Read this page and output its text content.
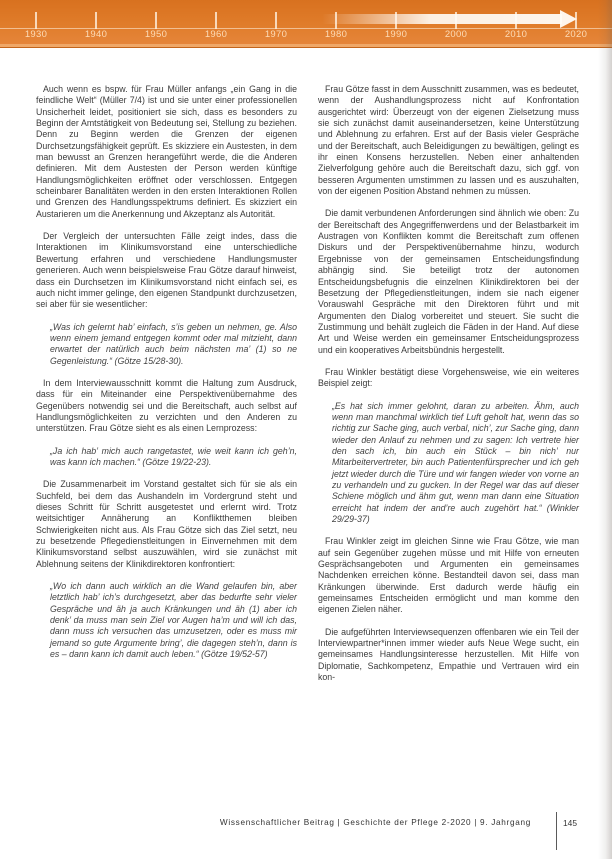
1930	1940	1950	1960	1970	1980	1990	2000	2010	2020

Auch wenn es bspw. für Frau Müller anfangs „ein Gang in die feindliche Welt“ (Müller 7/4) ist und sie unter einer professionellen Unsicherheit leidet, positioniert sie sich, dass es besonders zu Beginn der Amtstätigkeit von Bedeutung sei, Stellung zu beziehen. Denn zu Beginn werden die Grenzen der eigenen Durchsetzungsfähigkeit geprüft. Es skizziere ein Austesten, in dem man bewusst an Grenzen herangeführt werde, die die Anderen definieren. Mit dem Austesten der Person werden künftige Handlungsmöglichkeiten eröffnet oder verschlossen. Entgegen scheinbarer Banalitäten werden in den ersten Interaktionen Rollen und Grenzen des Handlungsspektrums definiert. Es skizziert ein Austarieren um die Anerkennung und Akzeptanz als Autorität.

Der Vergleich der untersuchten Fälle zeigt indes, dass die Interaktionen im Klinikumsvorstand eine unterschiedliche Bewertung erfahren und verschiedene Handlungsmuster generieren. Auch wenn beispielsweise Frau Götze darauf hinweist, dass ein Durchsetzen im Klinikumsvorstand nicht einfach sei, es auch nicht immer gelinge, den eigenen Standpunkt durchzusetzen, sei aber für sie wesentlicher:

„Was ich gelernt hab’ einfach, s’is geben un nehmen, ge. Also wenn einem jemand entgegen kommt oder mal mitzieht, dann erwartet der natürlich auch beim nächsten ma’ (1) so ne Gegenleistung.“ (Götze 15/28-30).

In dem Interviewausschnitt kommt die Haltung zum Ausdruck, dass für ein Miteinander eine Perspektivenübernahme des Gegenübers notwendig sei und die Bereitschaft, auch selbst auf Handlungsmöglichkeiten zu verzichten und den Anderen zu unterstützen. Frau Götze sieht es als einen Lernprozess:

„Ja ich hab’ mich auch rangetastet, wie weit kann ich geh’n, was kann ich machen.“ (Götze 19/22-23).

Die Zusammenarbeit im Vorstand gestaltet sich für sie als ein Suchfeld, bei dem das Aushandeln im Vordergrund steht und dieses Schritt für Schritt ausgetestet und erlernt wird. Trotz weitsichtiger Annäherung an Konfliktthemen bleiben Schwierigkeiten nicht aus. Als Frau Götze sich das Ziel setzt, neu zu besetzende Pflegedienstleitungen in Einvernehmen mit dem Klinikumsvorstand selbst auszuwählen, wird sie zunächst mit Ablehnung seitens der Klinikdirektoren konfrontiert:

„Wo ich dann auch wirklich an die Wand gelaufen bin, aber letztlich hab’ ich’s durchgesetzt, aber das bedurfte sehr vieler Gespräche und äh ja auch Kränkungen und äh (1) aber ich denk’ da muss man sein Ziel vor Augen ha’m und will ich das, dann muss ich versuchen das umzusetzen, oder es muss mir jemand so gute Argumente bring’, die dagegen steh’n, dann is es – dann kann ich damit auch leben.“ (Götze 19/52-57)

Frau Götze fasst in dem Ausschnitt zusammen, was es bedeutet, wenn der Aushandlungsprozess nicht auf Konfrontation ausgerichtet wird: Überzeugt von der eigenen Zielsetzung muss sie sich zunächst damit auseinandersetzen, keine Unterstützung und Ablehnung zu erfahren. Erst auf der Basis vieler Gespräche und der Bereitschaft, auch Beleidigungen zu bewältigen, gelingt es ihr einen Konsens herzustellen. Neben einer anhaltenden Zielverfolgung gehöre auch die Bereitschaft dazu, sich ggf. von besseren Argumenten umstimmen zu lassen und es auszuhalten, von der eigenen Position Abstand nehmen zu müssen.

Die damit verbundenen Anforderungen sind ähnlich wie oben: Zu der Bereitschaft des Angegriffenwerdens und der Belastbarkeit im Austragen von Konflikten kommt die Bereitschaft zum offenen Diskurs und der Perspektivenübernahme hinzu, wodurch Ergebnisse von der gemeinsamen Entscheidungsfindung abhängig sind. Sie beteiligt trotz der autonomen Entscheidungsbefugnis die einzelnen Klinikdirektoren bei der Besetzung der Pflegedienstleitungen, indem sie nach eigener Vorauswahl Gespräche mit den Direktoren führt und mit Argumenten den Dialog vorbereitet und steuert. Sie sucht die Zustimmung und behält zugleich die Fäden in der Hand. Auf diese Art und Weise werden ein gemeinsamer Entscheidungsprozess und ein kooperatives Arbeitsbündnis hergestellt.

Frau Winkler bestätigt diese Vorgehensweise, wie ein weiteres Beispiel zeigt:

„Es hat sich immer gelohnt, daran zu arbeiten. Ähm, auch wenn man manchmal wirklich tief Luft geholt hat, wenn das so richtig zur Sache ging, auch verbal, nich’, zur Sache ging, dann wieder den Anlauf zu nehmen und zu sagen: Ich vertrete hier den sach ich, bin auch ein Stück – bin nich’ nur Mitarbeitervertreter, bin auch Patientenfürsprecher und ich geh jetzt wieder durch die Türe und wir fangen wieder von vorne an zu verhandeln und zu gucken. In der Regel war das auf dieser Schiene möglich und ähm gut, wenn man dann eine Situation erreicht hat indem der and’re auch zugehört hat.“ (Winkler 29/29-37)

Frau Winkler zeigt im gleichen Sinne wie Frau Götze, wie man auf sein Gegenüber zugehen müsse und mit Hilfe von erneuten Gesprächsangeboten und Argumenten ein gemeinsames Nachdenken erreichen könne. Bestandteil davon sei, dass man Kränkungen überwinde. Erst dadurch werde häufig ein gemeinsames Entscheiden ermöglicht und man komme den eigenen Zielen näher.

Die aufgeführten Interviewsequenzen offenbaren wie ein Teil der Interviewpartner*innen immer wieder aufs Neue Wege sucht, ein gemeinsames Handlungsinteresse herzustellen. Mit Hilfe von Diplomatie, Sachkompetenz, Empathie und Vertrauen wird ein kon-

Wissenschaftlicher Beitrag | Geschichte der Pflege 2-2020 | 9. Jahrgang	145
